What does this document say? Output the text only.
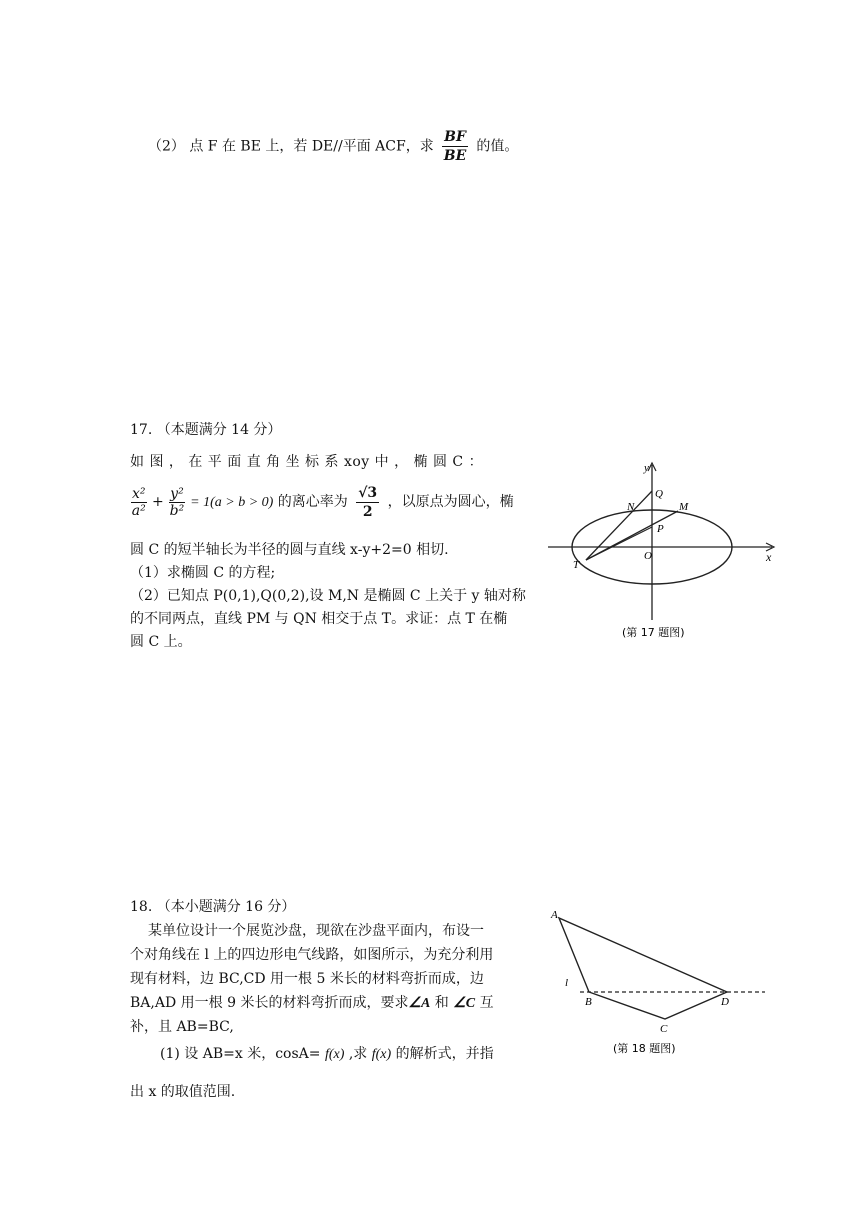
（2） 点 F 在 BE 上，若 DE//平面 ACF，求 $\frac{BF}{BE}$ 的值。
17. （本题满分 14 分）
如 图 ， 在 平 面 直 角 坐 标 系 xoy 中 ， 椭 圆 C ：
$\frac{\text{x²}}{\text{a²}} + \frac{\text{y²}}{\text{b²}} = 1(a > b > 0)$ 的离心率为 $\frac{√3}{2}$ ，以原点为圆心，椭
圆 C 的短半轴长为半径的圆与直线 x-y+2=0 相切.
（1）求椭圆 C 的方程;
（2）已知点 P(0,1),Q(0,2),设 M,N 是椭圆 C 上关于 y 轴对称
的不同两点，直线 PM 与 QN 相交于点 T。求证：点 T 在椭
圆 C 上。
y
x
Q
N	M
P
O
T
(第 17 题图)
18. （本小题满分 16 分）
某单位设计一个展览沙盘，现欲在沙盘平面内，布设一
个对角线在 l 上的四边形电气线路，如图所示，为充分利用
现有材料，边 BC,CD 用一根 5 米长的材料弯折而成，边
BA,AD 用一根 9 米长的材料弯折而成，要求∠A 和 ∠C 互
补，且 AB=BC,
(1) 设 AB=x 米，cosA= f(x) ,求 f(x) 的解析式，并指
出 x 的取值范围.
A
l
B	D
C
(第 18 题图)
